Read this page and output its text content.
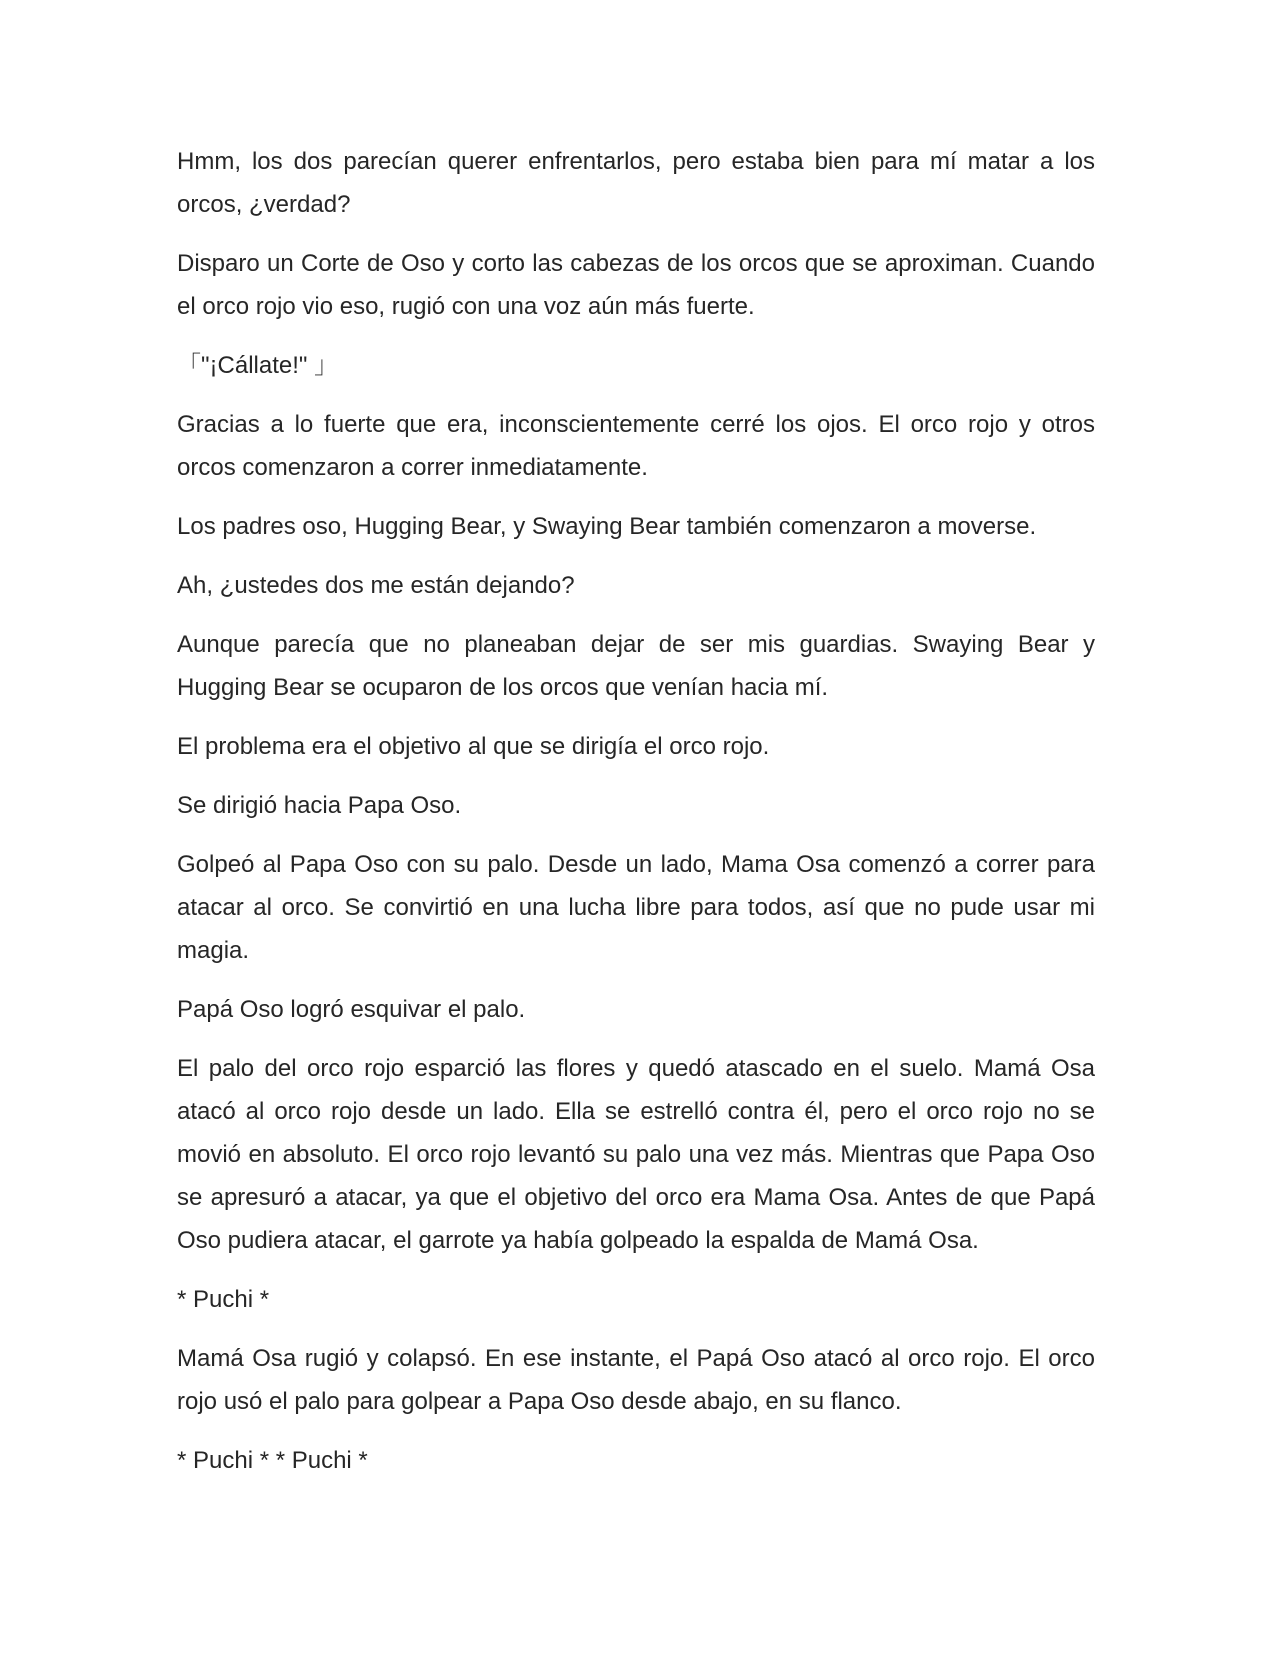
Hmm, los dos parecían querer enfrentarlos, pero estaba bien para mí matar a los orcos, ¿verdad?

Disparo un Corte de Oso y corto las cabezas de los orcos que se aproximan. Cuando el orco rojo vio eso, rugió con una voz aún más fuerte.

「"¡Cállate!" 」

Gracias a lo fuerte que era, inconscientemente cerré los ojos. El orco rojo y otros orcos comenzaron a correr inmediatamente.

Los padres oso, Hugging Bear, y Swaying Bear también comenzaron a moverse.

Ah, ¿ustedes dos me están dejando?

Aunque parecía que no planeaban dejar de ser mis guardias. Swaying Bear y Hugging Bear se ocuparon de los orcos que venían hacia mí.

El problema era el objetivo al que se dirigía el orco rojo.

Se dirigió hacia Papa Oso.

Golpeó al Papa Oso con su palo. Desde un lado, Mama Osa comenzó a correr para atacar al orco. Se convirtió en una lucha libre para todos, así que no pude usar mi magia.

Papá Oso logró esquivar el palo.

El palo del orco rojo esparció las flores y quedó atascado en el suelo. Mamá Osa atacó al orco rojo desde un lado. Ella se estrelló contra él, pero el orco rojo no se movió en absoluto. El orco rojo levantó su palo una vez más. Mientras que Papa Oso se apresuró a atacar, ya que el objetivo del orco era Mama Osa. Antes de que Papá Oso pudiera atacar, el garrote ya había golpeado la espalda de Mamá Osa.

* Puchi *

Mamá Osa rugió y colapsó. En ese instante, el Papá Oso atacó al orco rojo. El orco rojo usó el palo para golpear a Papa Oso desde abajo, en su flanco.

* Puchi * * Puchi *
